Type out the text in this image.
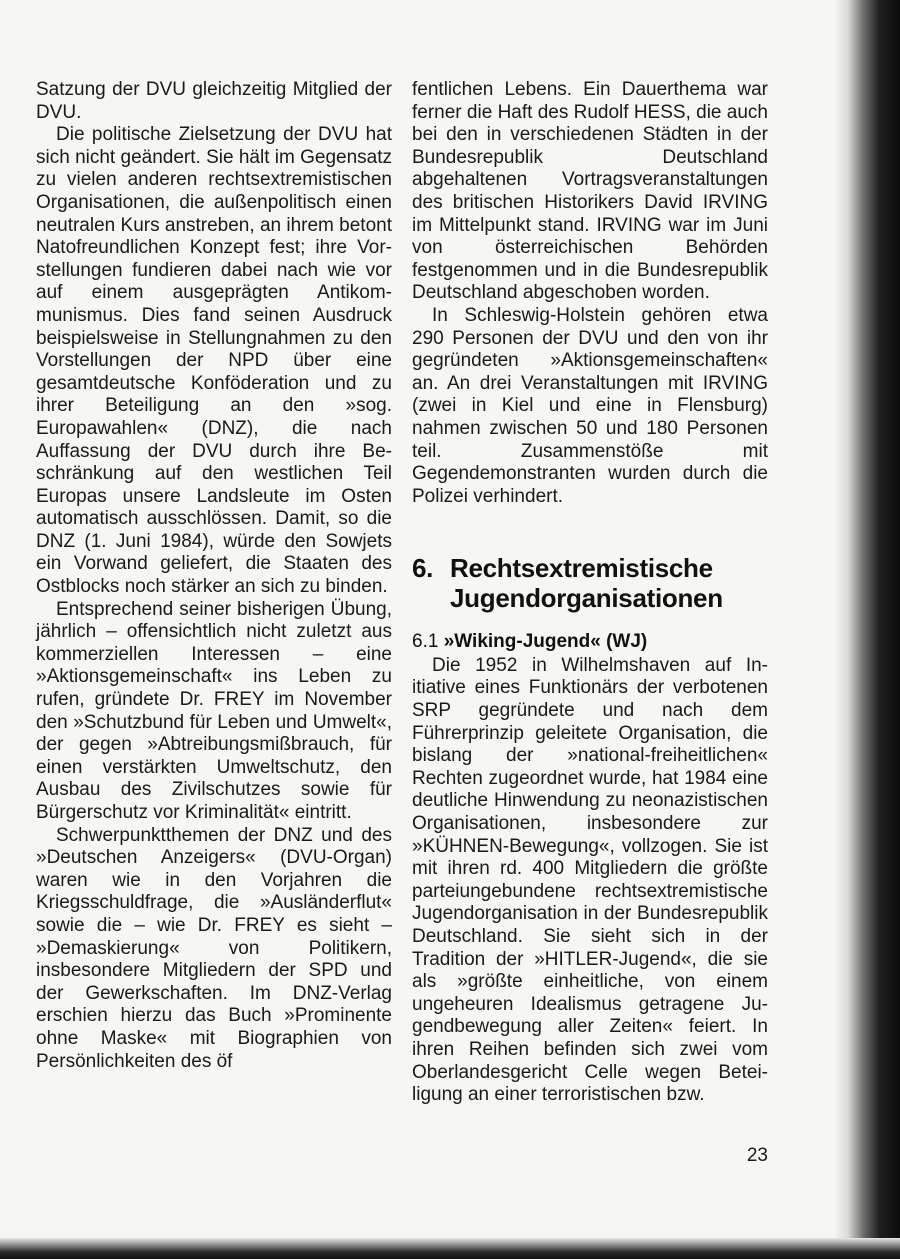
Satzung der DVU gleichzeitig Mitglied der DVU.

Die politische Zielsetzung der DVU hat sich nicht geändert. Sie hält im Gegensatz zu vielen anderen rechtsextremistischen Organisationen, die außenpolitisch einen neutralen Kurs anstreben, an ihrem betont Natofreundlichen Konzept fest; ihre Vorstellungen fundieren dabei nach wie vor auf einem ausgeprägten Antikommunismus. Dies fand seinen Ausdruck beispielsweise in Stellungnahmen zu den Vorstellungen der NPD über eine gesamtdeutsche Konföderation und zu ihrer Beteiligung an den »sog. Europawahlen« (DNZ), die nach Auffassung der DVU durch ihre Beschränkung auf den westlichen Teil Europas unsere Landsleute im Osten automatisch ausschlössen. Damit, so die DNZ (1. Juni 1984), würde den Sowjets ein Vorwand geliefert, die Staaten des Ostblocks noch stärker an sich zu binden.

Entsprechend seiner bisherigen Übung, jährlich – offensichtlich nicht zuletzt aus kommerziellen Interessen – eine »Aktionsgemeinschaft« ins Leben zu rufen, gründete Dr. FREY im November den »Schutzbund für Leben und Umwelt«, der gegen »Abtreibungsmißbrauch, für einen verstärkten Umweltschutz, den Ausbau des Zivilschutzes sowie für Bürgerschutz vor Kriminalität« eintritt.

Schwerpunktthemen der DNZ und des »Deutschen Anzeigers« (DVU-Organ) waren wie in den Vorjahren die Kriegsschuldfrage, die »Ausländerflut« sowie die – wie Dr. FREY es sieht – »Demaskierung« von Politikern, insbesondere Mitgliedern der SPD und der Gewerkschaften. Im DNZ-Verlag erschien hierzu das Buch »Prominente ohne Maske« mit Biographien von Persönlichkeiten des öf

fentlichen Lebens. Ein Dauerthema war ferner die Haft des Rudolf HESS, die auch bei den in verschiedenen Städten in der Bundesrepublik Deutschland abgehaltenen Vortragsveranstaltungen des britischen Historikers David IRVING im Mittelpunkt stand. IRVING war im Juni von österreichischen Behörden festgenommen und in die Bundesrepublik Deutschland abgeschoben worden.

In Schleswig-Holstein gehören etwa 290 Personen der DVU und den von ihr gegründeten »Aktionsgemeinschaften« an. An drei Veranstaltungen mit IRVING (zwei in Kiel und eine in Flensburg) nahmen zwischen 50 und 180 Personen teil. Zusammenstöße mit Gegendemonstranten wurden durch die Polizei verhindert.

6. Rechtsextremistische Jugendorganisationen
6.1 »Wiking-Jugend« (WJ)

Die 1952 in Wilhelmshaven auf Initiative eines Funktionärs der verbotenen SRP gegründete und nach dem Führerprinzip geleitete Organisation, die bislang der »national-freiheitlichen« Rechten zugeordnet wurde, hat 1984 eine deutliche Hinwendung zu neonazistischen Organisationen, insbesondere zur »KÜHNEN-Bewegung«, vollzogen. Sie ist mit ihren rd. 400 Mitgliedern die größte parteiungebundene rechtsextremistische Jugendorganisation in der Bundesrepublik Deutschland. Sie sieht sich in der Tradition der »HITLER-Jugend«, die sie als »größte einheitliche, von einem ungeheuren Idealismus getragene Jugendbewegung aller Zeiten« feiert. In ihren Reihen befinden sich zwei vom Oberlandesgericht Celle wegen Beteiligung an einer terroristischen bzw.

23
